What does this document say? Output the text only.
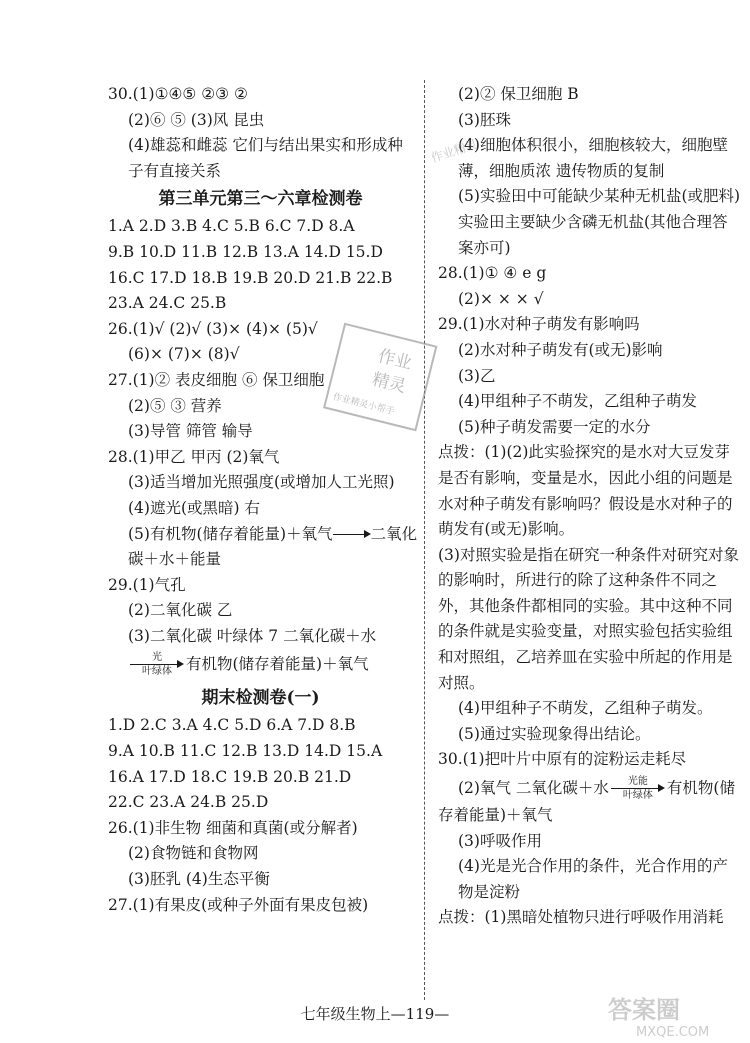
30.(1)①④⑤ ②③ ②
(2)⑥ ⑤ (3)风 昆虫
(4)雄蕊和雌蕊 它们与结出果实和形成种
子有直接关系
第三单元第三～六章检测卷
1.A 2.D 3.B 4.C 5.B 6.C 7.D 8.A
9.B 10.D 11.B 12.B 13.A 14.D 15.D
16.C 17.D 18.B 19.B 20.D 21.B 22.B
23.A 24.C 25.B
26.(1)√ (2)√ (3)× (4)× (5)√
(6)× (7)× (8)√
27.(1)② 表皮细胞 ⑥ 保卫细胞
(2)⑤ ③ 营养
(3)导管 筛管 输导
28.(1)甲乙 甲丙 (2)氧气
(3)适当增加光照强度(或增加人工光照)
(4)遮光(或黑暗) 右
(5)有机物(储存着能量)＋氧气 二氧化
碳＋水＋能量
29.(1)气孔
(2)二氧化碳 乙
(3)二氧化碳 叶绿体 7 二氧化碳＋水
光
叶绿体 有机物(储存着能量)＋氧气
期末检测卷(一)
1.D 2.C 3.A 4.C 5.D 6.A 7.D 8.B
9.A 10.B 11.C 12.B 13.D 14.D 15.A
16.A 17.D 18.C 19.B 20.B 21.D
22.C 23.A 24.B 25.D
26.(1)非生物 细菌和真菌(或分解者)
(2)食物链和食物网
(3)胚乳 (4)生态平衡
27.(1)有果皮(或种子外面有果皮包被)
(2)② 保卫细胞 B
(3)胚珠
(4)细胞体积很小，细胞核较大，细胞壁薄，细胞质浓 遗传物质的复制
(5)实验田中可能缺少某种无机盐(或肥料)实验田主要缺少含磷无机盐(其他合理答案亦可)
28.(1)① ④ e g
(2)× × × √
29.(1)水对种子萌发有影响吗
(2)水对种子萌发有(或无)影响
(3)乙
(4)甲组种子不萌发，乙组种子萌发
(5)种子萌发需要一定的水分
点拨：(1)(2)此实验探究的是水对大豆发芽是否有影响，变量是水，因此小组的问题是水对种子萌发有影响吗？假设是水对种子的萌发有(或无)影响。
(3)对照实验是指在研究一种条件对研究对象的影响时，所进行的除了这种条件不同之外，其他条件都相同的实验。其中这种不同的条件就是实验变量，对照实验包括实验组和对照组，乙培养皿在实验中所起的作用是对照。
(4)甲组种子不萌发，乙组种子萌发。
(5)通过实验现象得出结论。
30.(1)把叶片中原有的淀粉运走耗尽
(2)氧气 二氧化碳＋水	光能
叶绿体 有机物(储
存着能量)＋氧气
(3)呼吸作用
(4)光是光合作用的条件，光合作用的产物是淀粉
点拨：(1)黑暗处植物只进行呼吸作用消耗
七年级生物上—119—
作业精灵
作业
精灵
作业精灵小帮手
答案圈
MXQE.COM
